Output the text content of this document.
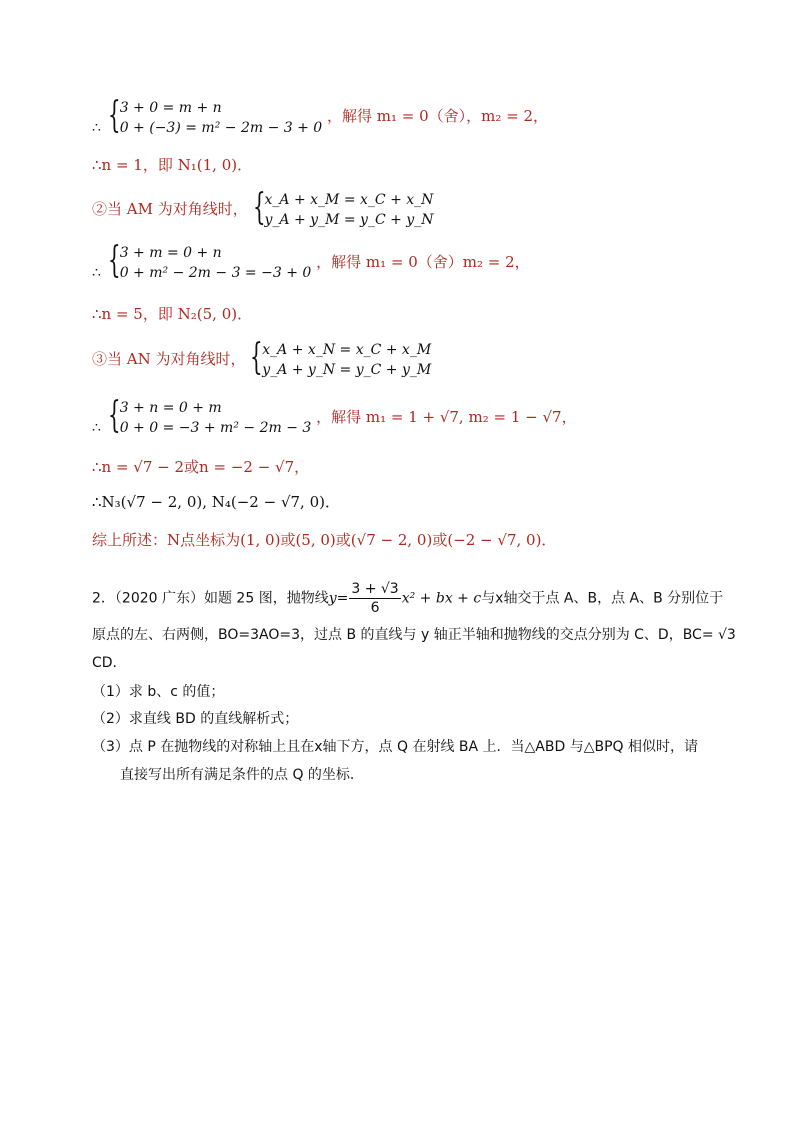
∴ { 3 + 0 = m + n
0 + (−3) = m² − 2m − 3 + 0
，解得 m₁ = 0（舍），m₂ = 2，
∴n = 1，即 N₁(1, 0)．
②当 AM 为对角线时， { x_A + x_M = x_C + x_N
y_A + y_M = y_C + y_N
∴ { 3 + m = 0 + n
0 + m² − 2m − 3 = −3 + 0
，解得 m₁ = 0（舍）m₂ = 2，
∴n = 5，即 N₂(5, 0)．
③当 AN 为对角线时， { x_A + x_N = x_C + x_M
y_A + y_N = y_C + y_M
∴ { 3 + n = 0 + m
0 + 0 = −3 + m² − 2m − 3
，解得 m₁ = 1 + √7, m₂ = 1 − √7，
∴n = √7 − 2或n = −2 − √7，
∴N₃(√7 − 2, 0), N₄(−2 − √7, 0)．
综上所述：N点坐标为(1, 0)或(5, 0)或(√7 − 2, 0)或(−2 − √7, 0)．
2．（2020 广东）如题 25 图，抛物线$y= \frac{3 + √3}{6} x^2$ + bx + c与x轴交于点 A、B，点 A、B 分别位于
原点的左、右两侧，BO=3AO=3，过点 B 的直线与 y 轴正半轴和抛物线的交点分别为 C、D，BC= √3
CD．
（1）求 b、c 的值；
（2）求直线 BD 的直线解析式；
（3）点 P 在抛物线的对称轴上且在x轴下方，点 Q 在射线 BA 上．当△ABD 与△BPQ 相似时，请
直接写出所有满足条件的点 Q 的坐标．
